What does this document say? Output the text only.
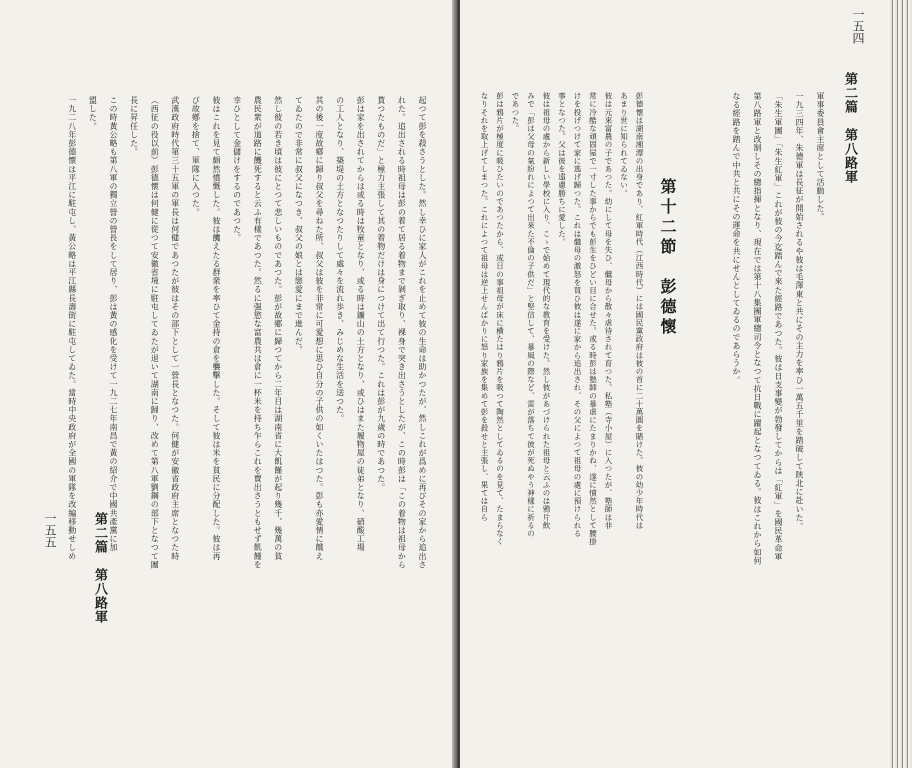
起つて彭を殺さうとした。然し幸ひに家人がこれを止めて彼の生命は助かつたが、然しこれが爲めに再びその家から追出さ
れた。追出される時祖母は彭の着て居る着物まで剝ぎ取り、裸身で突き出さうとしたが、この時彭は「この着物は祖母から
貰つたものだ」と極力主張して其の着物だけは身につけて出て行つた。これは彭が九歲の時であつた。
彭は家を出されてからは或る時は牧童となり、或る時は鑛山の土方となり、或ひはまた履物屋の徒弟となり、硝酸工場
の工人となり、築堤の土方となつたりして處々を流れ歩き、みじめな生活を送つた。
其の後一度故鄕に歸り叔父を尋ねた所、叔父は彼を非常に可愛想に思ひ自分の子供の如くいたはつた。彭も亦愛情に餓え
てゐたので非常に叔父になつき、叔父の娘とは戀愛にまで進んだ。
然し彼の若き頃は彼にとつて悲しいものであつた。彭が故鄕に歸つてから二年目は湖南省に大飢饉が起り幾千、幾萬の貧
農民衆が道路に饑死すると云ふ有樣であつた。然るに强慾な富農共は倉に一杯米を持ち乍らこれを賣出さうともせず飢饉を
幸ひとして金儲けをするのであつた。
彼はこれを見て頗然憤慨した。彼は饑えたる群衆を率ひて金持の倉を襲擊した。そして彼は米を貧民に分配した。彼は再
び故鄕を捨て、軍隊に入つた。
武漢政府時代第三十五軍の軍長は何健であつたが彼はその部下として一營長となつた。何健が安徽省政府主席となつた時
（西征の役以前）彭德懷は何健に從つて安徽省境に駐屯してゐたが退いて湖南に歸り、改めて第八軍劉鋼の部下となつて團
長に昇任した。
この時黃公略も第八軍の獨立營の營長をして居り、彭は黃の感化を受けて一九二七年南昌で黃の紹介で中國共產黨に加
盟した。
一九二八年彭德懷は平江に駐屯し、黃公略は平江縣長壽街に駐屯してゐた。當時中央政府が全國の軍隊を改編移動せしめ
第二篇　第八路軍
一五五
第二篇　第八路軍
一五四
軍事委員會主席として活動した。
一九三四年、朱德軍は長征が開始されるや彼は毛澤東と共にその主力を率ひ一萬五千里を踏破して陝北に赴いた。
「朱生軍團」「朱生紅軍」これが彼の今迄踏んで來た經路であつた。彼は日支事變が勃發してからは「紅軍」を國民革命軍
第八路軍と改制しその總指揮となり、現在では第十八集團軍總司令となつて抗日戰に躍起となつてゐる。彼はこれから如何
なる經路を踏んで中共と共にその運命を共にせんとしてゐるのであらうか。
第十二節　彭德懷
彭德懷は湖南湘潭の出身であり、紅軍時代（江西時代）には國民黨政府は彼の首に二十萬圓を賭けた。彼の幼少年時代は
あまり世に知られてゐない。
彼は元來富農の子であつた。幼にして母を失ひ、繼母から散々虐待されて育つた。私塾（寺小屋）に入つたが、塾師は非
常に冷酷な頑固屋で一寸した事からでも彭生をひどい目に合せた。或る時彭は塾師の暴虐にたまりかね、遂に憤然として腰掛
けを投げつけて家に逃げ歸つた。これは繼母の激怒を買ひ彼は遂に家から追出され、その父によつて祖母の處に預けられる
事となつた。父は彼を遠慮勝ちに愛した。
彼は祖母の處から新しい學校に入り、こゝで始めて現代的な教育を受けた。然し彼があづけられた祖母と云ふのは鴉片飲
みで「彭は父母の氣紛れによつて出來た不倫の子供だ」と堅信して、暴風の際など、雷が落ちて彼が死ぬやう神樣に祈るの
であつた。
彭は鴉片が極度に吸ひたいのであつたから、或日の事祖母が床に横たはり鴉片を吸つて陶然としてゐるのを見て、たまらなく
なりそれを取上げてしまつた。これによつて祖母は逆上せんばかりに怒り家族を集めて彭を殺せと主張し、果ては自ら
